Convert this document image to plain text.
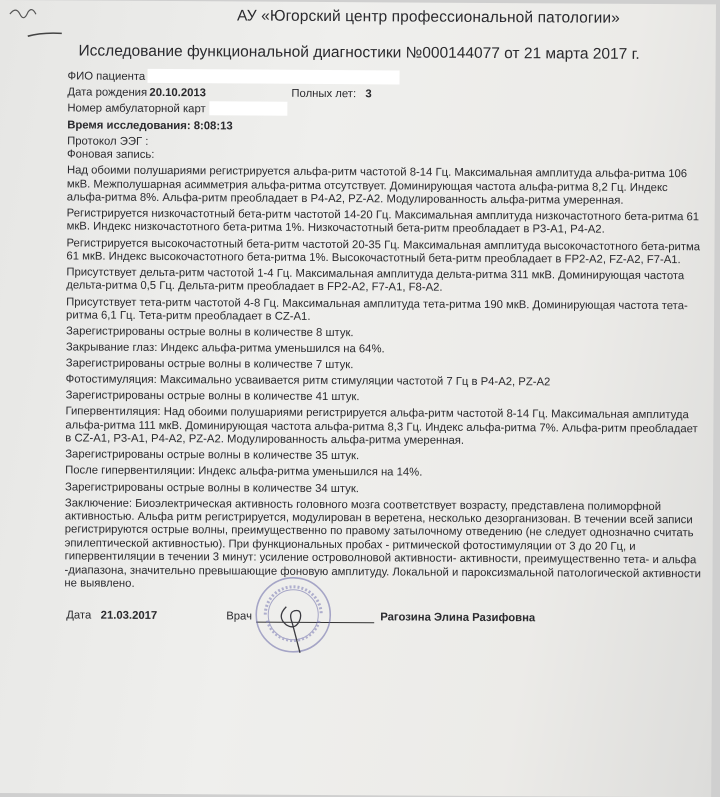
АУ «Югорский центр профессиональной патологии»
Исследование функциональной диагностики №000144077 от 21 марта 2017 г.
ФИО пациента
Дата рождения 20.10.2013	Полных лет: 3
Номер амбулаторной карт
Время исследования: 8:08:13
Протокол ЭЭГ :

Фоновая запись:

Над обоими полушариями регистрируется альфа-ритм частотой 8-14 Гц. Максимальная амплитуда альфа-ритма 106 мкВ. Межполушарная асимметрия альфа-ритма отсутствует. Доминирующая частота альфа-ритма 8,2 Гц. Индекс альфа-ритма 8%. Альфа-ритм преобладает в P4-A2, PZ-A2. Модулированность альфа-ритма умеренная.

Регистрируется низкочастотный бета-ритм частотой 14-20 Гц. Максимальная амплитуда низкочастотного бета-ритма 61 мкВ. Индекс низкочастотного бета-ритма 1%. Низкочастотный бета-ритм преобладает в P3-A1, P4-A2.

Регистрируется высокочастотный бета-ритм частотой 20-35 Гц. Максимальная амплитуда высокочастотного бета-ритма 61 мкВ. Индекс высокочастотного бета-ритма 1%. Высокочастотный бета-ритм преобладает в FP2-A2, FZ-A2, F7-A1.

Присутствует дельта-ритм частотой 1-4 Гц. Максимальная амплитуда дельта-ритма 311 мкВ. Доминирующая частота дельта-ритма 0,5 Гц. Дельта-ритм преобладает в FP2-A2, F7-A1, F8-A2.

Присутствует тета-ритм частотой 4-8 Гц. Максимальная амплитуда тета-ритма 190 мкВ. Доминирующая частота тета-ритма 6,1 Гц. Тета-ритм преобладает в CZ-A1.

Зарегистрированы острые волны в количестве 8 штук.

Закрывание глаз: Индекс альфа-ритма уменьшился на 64%.

Зарегистрированы острые волны в количестве 7 штук.

Фотостимуляция: Максимально усваивается ритм стимуляции частотой 7 Гц в P4-A2, PZ-A2

Зарегистрированы острые волны в количестве 41 штук.

Гипервентиляция: Над обоими полушариями регистрируется альфа-ритм частотой 8-14 Гц. Максимальная амплитуда альфа-ритма 111 мкВ. Доминирующая частота альфа-ритма 8,3 Гц. Индекс альфа-ритма 7%. Альфа-ритм преобладает в CZ-A1, P3-A1, P4-A2, PZ-A2. Модулированность альфа-ритма умеренная.

Зарегистрированы острые волны в количестве 35 штук.

После гипервентиляции: Индекс альфа-ритма уменьшился на 14%.

Зарегистрированы острые волны в количестве 34 штук.

Заключение: Биоэлектрическая активность головного мозга соответствует возрасту, представлена полиморфной активностью. Альфа ритм регистрируется, модулирован в веретена, несколько дезорганизован. В течении всей записи регистрируются острые волны, преимущественно по правому затылочному отведению (не следует однозначно считать эпилептической активностью). При функциональных пробах - ритмической фотостимуляции от 3 до 20 Гц, и гипервентиляции в течении 3 минут: усиление островолновой активности- активности, преимущественно тета- и альфа -диапазона, значительно превышающие фоновую амплитуду. Локальной и пароксизмальной патологической активности не выявлено.

Дата 21.03.2017	Врач	Рагозина Элина Разифовна
